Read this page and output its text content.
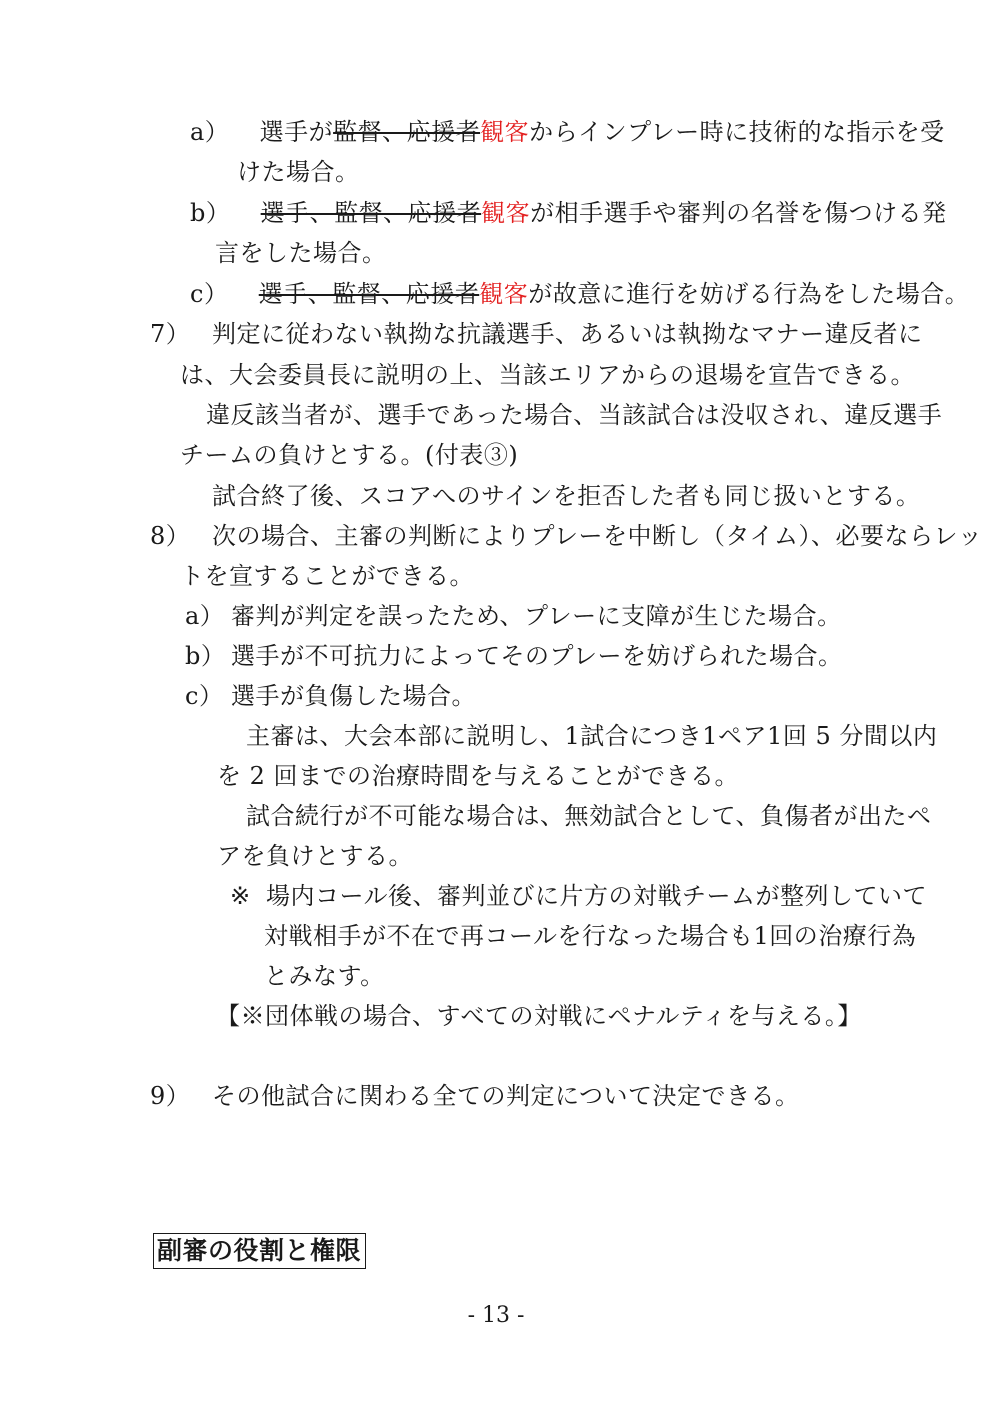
a） 選手が監督、応援者観客からインプレー時に技術的な指示を受
けた場合。
b） 選手、監督、応援者観客が相手選手や審判の名誉を傷つける発
言をした場合。
c） 選手、監督、応援者観客が故意に進行を妨げる行為をした場合。
7） 判定に従わない執拗な抗議選手、あるいは執拗なマナー違反者に
は、大会委員長に説明の上、当該エリアからの退場を宣告できる。
違反該当者が、選手であった場合、当該試合は没収され、違反選手
チームの負けとする。(付表③)
試合終了後、スコアへのサインを拒否した者も同じ扱いとする。
8） 次の場合、主審の判断によりプレーを中断し（タイム）、必要ならレッ
トを宣することができる。
a） 審判が判定を誤ったため、プレーに支障が生じた場合。
b） 選手が不可抗力によってそのプレーを妨げられた場合。
c） 選手が負傷した場合。
主審は、大会本部に説明し、1試合につき1ペア1回 5 分間以内
を 2 回までの治療時間を与えることができる。
試合続行が不可能な場合は、無効試合として、負傷者が出たペ
アを負けとする。
※ 場内コール後、審判並びに片方の対戦チームが整列していて
対戦相手が不在で再コールを行なった場合も1回の治療行為
とみなす。
【※団体戦の場合、すべての対戦にペナルティを与える。】
9） その他試合に関わる全ての判定について決定できる。
副審の役割と権限
- 13 -
